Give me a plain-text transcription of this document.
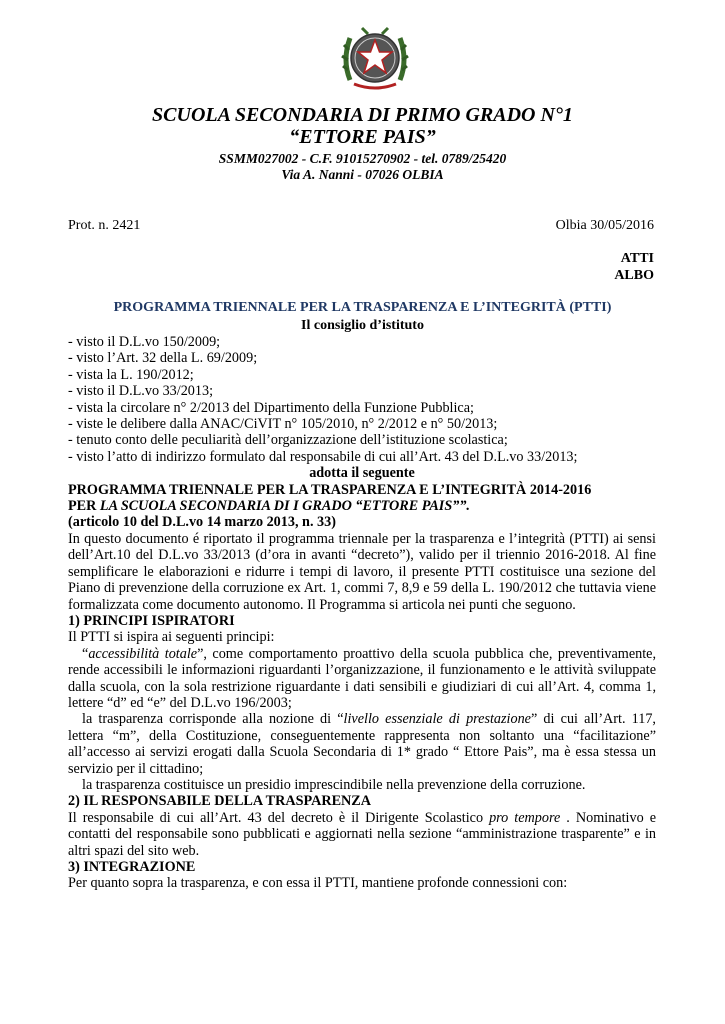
SCUOLA SECONDARIA DI PRIMO GRADO N°1
“ETTORE PAIS”
SSMM027002 - C.F. 91015270902 - tel. 0789/25420
Via A. Nanni - 07026 OLBIA
Prot. n. 2421	Olbia 30/05/2016
ATTI
ALBO
PROGRAMMA TRIENNALE PER LA TRASPARENZA E L’INTEGRITÀ (PTTI)
Il consiglio d’istituto

- visto il D.L.vo 150/2009;

- visto l’Art. 32 della L. 69/2009;

- vista la L. 190/2012;

- visto il D.L.vo 33/2013;

- vista la circolare n° 2/2013 del Dipartimento della Funzione Pubblica;

- viste le delibere dalla ANAC/CiVIT n° 105/2010, n° 2/2012 e n° 50/2013;

- tenuto conto delle peculiarità dell’organizzazione dell’istituzione scolastica;

- visto l’atto di indirizzo formulato dal responsabile di cui all’Art. 43 del D.L.vo 33/2013;

adotta il seguente

PROGRAMMA TRIENNALE PER LA TRASPARENZA E L’INTEGRITÀ 2014-2016

PER LA SCUOLA SECONDARIA DI I GRADO “ETTORE PAIS””.

(articolo 10 del D.L.vo 14 marzo 2013, n. 33)

In questo documento é riportato il programma triennale per la trasparenza e l’integrità (PTTI) ai sensi dell’Art.10 del D.L.vo 33/2013 (d’ora in avanti “decreto”), valido per il triennio 2016-2018. Al fine semplificare le elaborazioni e ridurre i tempi di lavoro, il presente PTTI costituisce una sezione del Piano di prevenzione della corruzione ex Art. 1, commi 7, 8,9 e 59 della L. 190/2012 che tuttavia viene formalizzata come documento autonomo. Il Programma si articola nei punti che seguono.

1) PRINCIPI ISPIRATORI

Il PTTI si ispira ai seguenti principi:

“accessibilità totale”, come comportamento proattivo della scuola pubblica che, preventivamente, rende accessibili le informazioni riguardanti l’organizzazione, il funzionamento e le attività sviluppate dalla scuola, con la sola restrizione riguardante i dati sensibili e giudiziari di cui all’Art. 4, comma 1, lettere “d” ed “e” del D.L.vo 196/2003;

la trasparenza corrisponde alla nozione di “livello essenziale di prestazione” di cui all’Art. 117, lettera “m”, della Costituzione, conseguentemente rappresenta non soltanto una “facilitazione” all’accesso ai servizi erogati dalla Scuola Secondaria di 1* grado “ Ettore Pais”, ma è essa stessa un servizio per il cittadino;

la trasparenza costituisce un presidio imprescindibile nella prevenzione della corruzione.

2) IL RESPONSABILE DELLA TRASPARENZA

Il responsabile di cui all’Art. 43 del decreto è il Dirigente Scolastico pro tempore . Nominativo e contatti del responsabile sono pubblicati e aggiornati nella sezione “amministrazione trasparente” e in altri spazi del sito web.

3) INTEGRAZIONE

Per quanto sopra la trasparenza, e con essa il PTTI, mantiene profonde connessioni con:
